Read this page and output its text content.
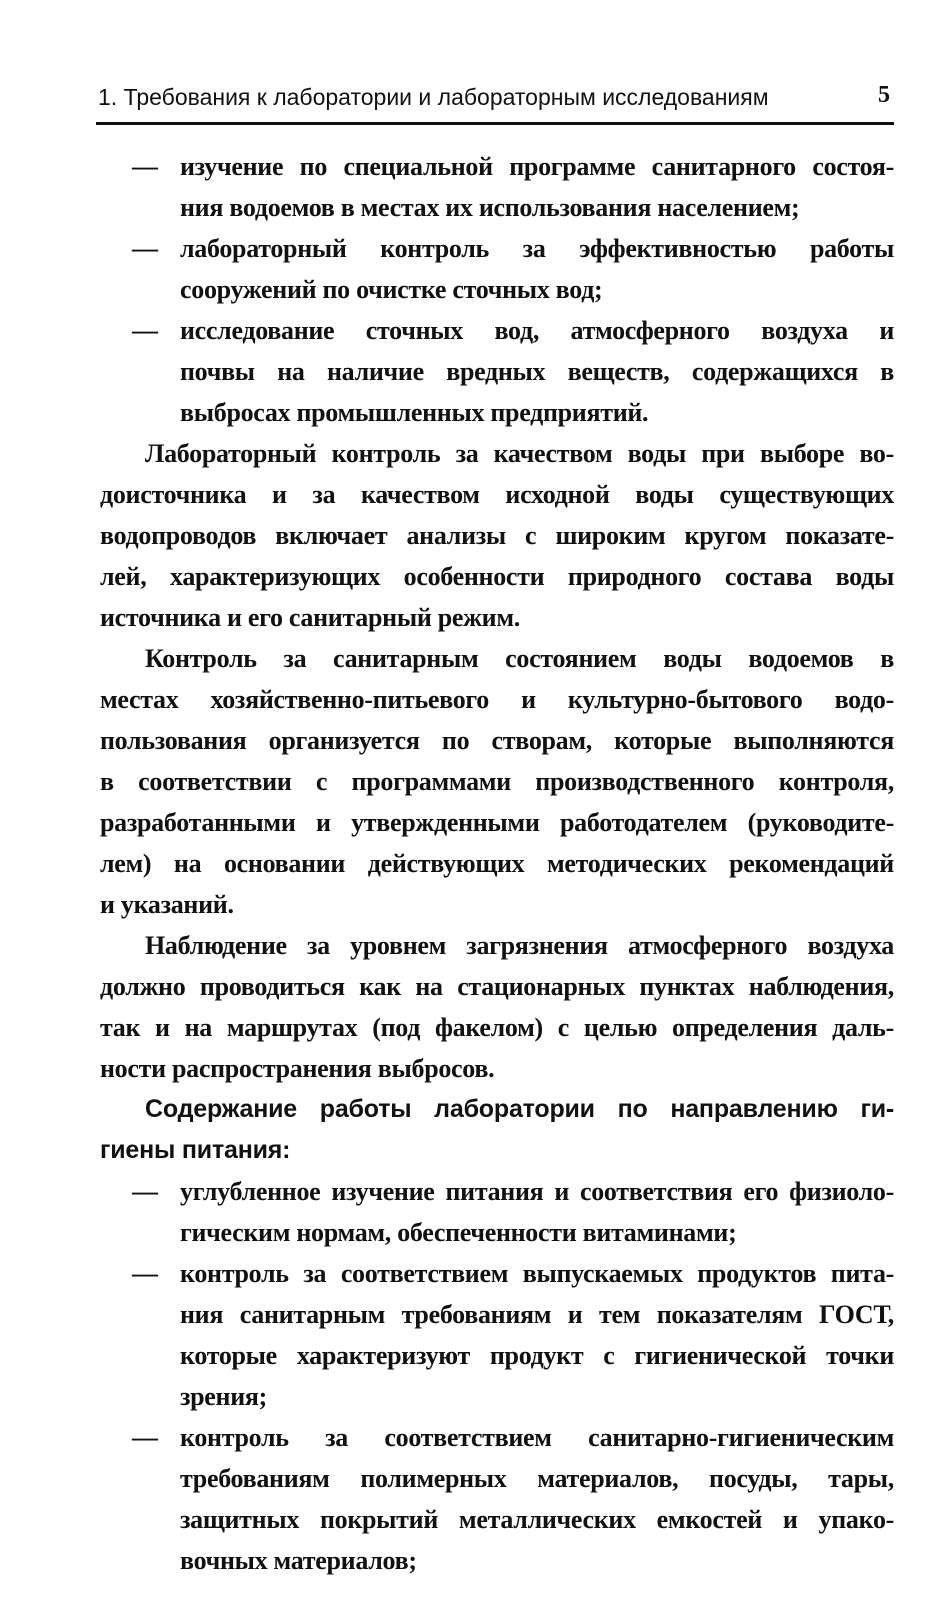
1. Требования к лаборатории и лабораторным исследованиям	5
— изучение по специальной программе санитарного состоя-
ния водоемов в местах их использования населением;
— лабораторный контроль за эффективностью работы
сооружений по очистке сточных вод;
— исследование сточных вод, атмосферного воздуха и
почвы на наличие вредных веществ, содержащихся в
выбросах промышленных предприятий.
Лабораторный контроль за качеством воды при выборе во-
доисточника и за качеством исходной воды существующих
водопроводов включает анализы с широким кругом показате-
лей, характеризующих особенности природного состава воды
источника и его санитарный режим.
Контроль за санитарным состоянием воды водоемов в
местах хозяйственно-питьевого и культурно-бытового водо-
пользования организуется по створам, которые выполняются
в соответствии с программами производственного контроля,
разработанными и утвержденными работодателем (руководите-
лем) на основании действующих методических рекомендаций
и указаний.
Наблюдение за уровнем загрязнения атмосферного воздуха
должно проводиться как на стационарных пунктах наблюдения,
так и на маршрутах (под факелом) с целью определения даль-
ности распространения выбросов.
Содержание работы лаборатории по направлению ги-
гиены питания:
— углубленное изучение питания и соответствия его физиоло-
гическим нормам, обеспеченности витаминами;
— контроль за соответствием выпускаемых продуктов пита-
ния санитарным требованиям и тем показателям ГОСТ,
которые характеризуют продукт с гигиенической точки
зрения;
— контроль за соответствием санитарно-гигиеническим
требованиям полимерных материалов, посуды, тары,
защитных покрытий металлических емкостей и упако-
вочных материалов;
